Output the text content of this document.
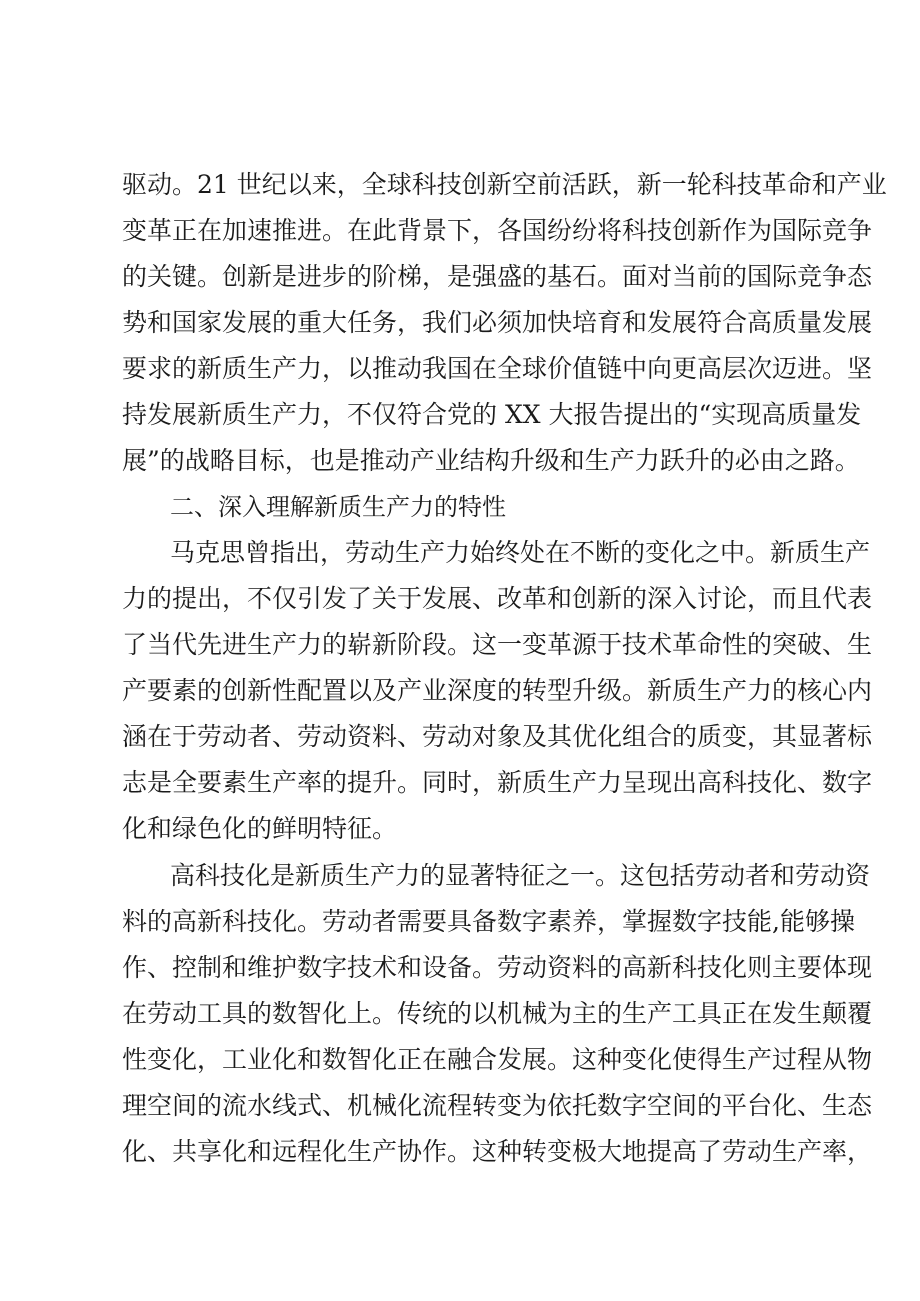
驱动。21 世纪以来，全球科技创新空前活跃，新一轮科技革命和产业
变革正在加速推进。在此背景下，各国纷纷将科技创新作为国际竞争
的关键。创新是进步的阶梯，是强盛的基石。面对当前的国际竞争态
势和国家发展的重大任务，我们必须加快培育和发展符合高质量发展
要求的新质生产力，以推动我国在全球价值链中向更高层次迈进。坚
持发展新质生产力，不仅符合党的 XX 大报告提出的“实现高质量发
展”的战略目标，也是推动产业结构升级和生产力跃升的必由之路。
二、深入理解新质生产力的特性
马克思曾指出，劳动生产力始终处在不断的变化之中。新质生产
力的提出，不仅引发了关于发展、改革和创新的深入讨论，而且代表
了当代先进生产力的崭新阶段。这一变革源于技术革命性的突破、生
产要素的创新性配置以及产业深度的转型升级。新质生产力的核心内
涵在于劳动者、劳动资料、劳动对象及其优化组合的质变，其显著标
志是全要素生产率的提升。同时，新质生产力呈现出高科技化、数字
化和绿色化的鲜明特征。
高科技化是新质生产力的显著特征之一。这包括劳动者和劳动资
料的高新科技化。劳动者需要具备数字素养，掌握数字技能,能够操
作、控制和维护数字技术和设备。劳动资料的高新科技化则主要体现
在劳动工具的数智化上。传统的以机械为主的生产工具正在发生颠覆
性变化，工业化和数智化正在融合发展。这种变化使得生产过程从物
理空间的流水线式、机械化流程转变为依托数字空间的平台化、生态
化、共享化和远程化生产协作。这种转变极大地提高了劳动生产率，
